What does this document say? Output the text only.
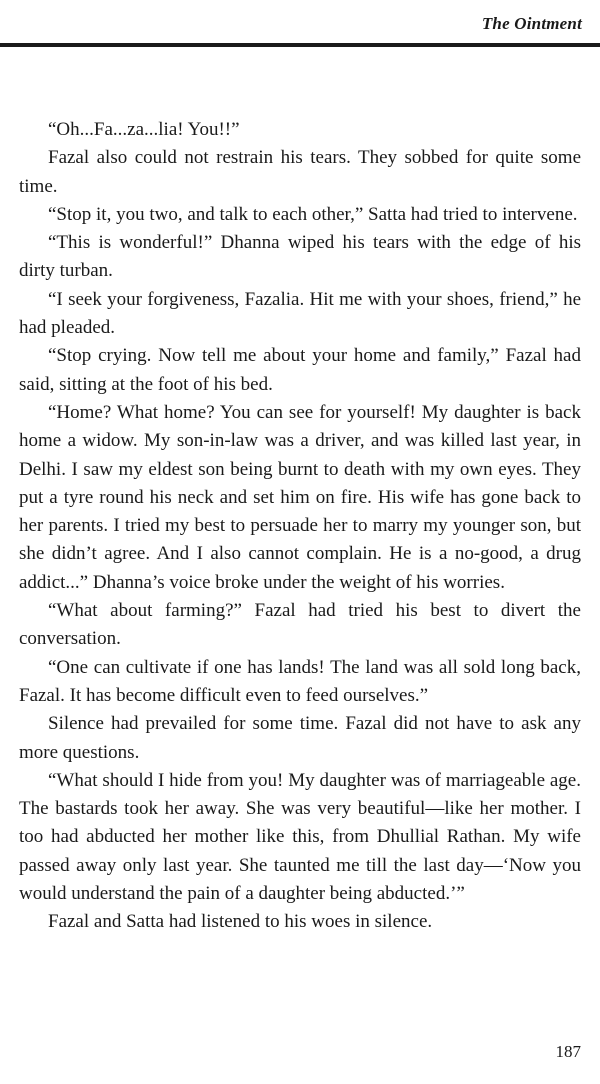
The Ointment

“Oh...Fa...za...lia! You!!”

Fazal also could not restrain his tears. They sobbed for quite some time.

“Stop it, you two, and talk to each other,” Satta had tried to intervene.

“This is wonderful!” Dhanna wiped his tears with the edge of his dirty turban.

“I seek your forgiveness, Fazalia. Hit me with your shoes, friend,” he had pleaded.

“Stop crying. Now tell me about your home and family,” Fazal had said, sitting at the foot of his bed.

“Home? What home? You can see for yourself! My daughter is back home a widow. My son-in-law was a driver, and was killed last year, in Delhi. I saw my eldest son being burnt to death with my own eyes. They put a tyre round his neck and set him on fire. His wife has gone back to her parents. I tried my best to persuade her to marry my younger son, but she didn’t agree. And I also cannot complain. He is a no-good, a drug addict...” Dhanna’s voice broke under the weight of his worries.

“What about farming?” Fazal had tried his best to divert the conversation.

“One can cultivate if one has lands! The land was all sold long back, Fazal. It has become difficult even to feed ourselves.”

Silence had prevailed for some time. Fazal did not have to ask any more questions.

“What should I hide from you! My daughter was of marriageable age. The bastards took her away. She was very beautiful—like her mother. I too had abducted her mother like this, from Dhullial Rathan. My wife passed away only last year. She taunted me till the last day—‘Now you would understand the pain of a daughter being abducted.’”

Fazal and Satta had listened to his woes in silence.

187
